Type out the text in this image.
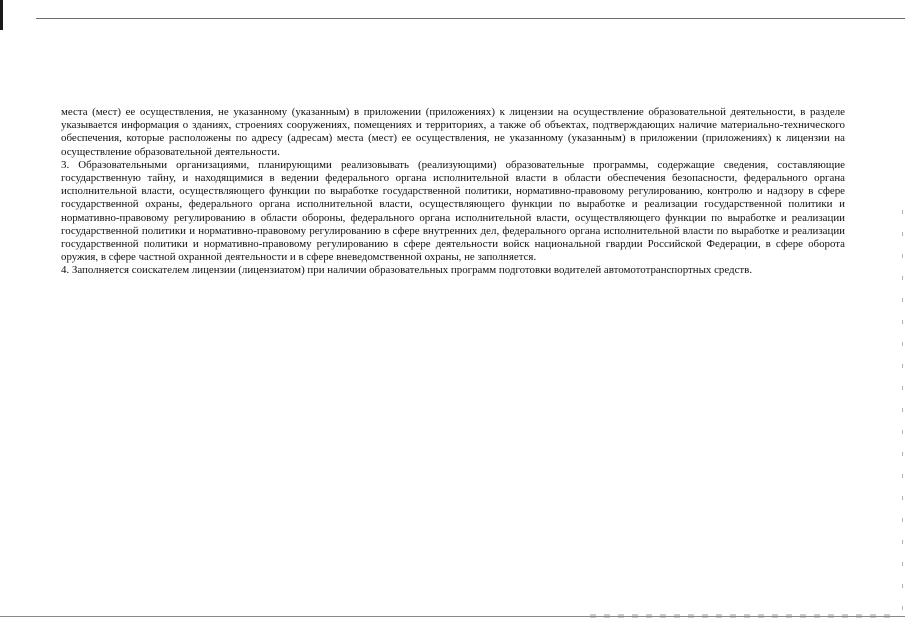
места (мест) ее осуществления, не указанному (указанным) в приложении (приложениях) к лицензии на осуществление образовательной деятельности, в разделе указывается информация о зданиях, строениях сооружениях, помещениях и территориях, а также об объектах, подтверждающих наличие материально-технического обеспечения, которые расположены по адресу (адресам) места (мест) ее осуществления, не указанному (указанным) в приложении (приложениях) к лицензии на осуществление образовательной деятельности.

3. Образовательными организациями, планирующими реализовывать (реализующими) образовательные программы, содержащие сведения, составляющие государственную тайну, и находящимися в ведении федерального органа исполнительной власти в области обеспечения безопасности, федерального органа исполнительной власти, осуществляющего функции по выработке государственной политики, нормативно-правовому регулированию, контролю и надзору в сфере государственной охраны, федерального органа исполнительной власти, осуществляющего функции по выработке и реализации государственной политики и нормативно-правовому регулированию в области обороны, федерального органа исполнительной власти, осуществляющего функции по выработке и реализации государственной политики и нормативно-правовому регулированию в сфере внутренних дел, федерального органа исполнительной власти по выработке и реализации государственной политики и нормативно-правовому регулированию в сфере деятельности войск национальной гвардии Российской Федерации, в сфере оборота оружия, в сфере частной охранной деятельности и в сфере вневедомственной охраны, не заполняется.

4. Заполняется соискателем лицензии (лицензиатом) при наличии образовательных программ подготовки водителей автомототранспортных средств.
